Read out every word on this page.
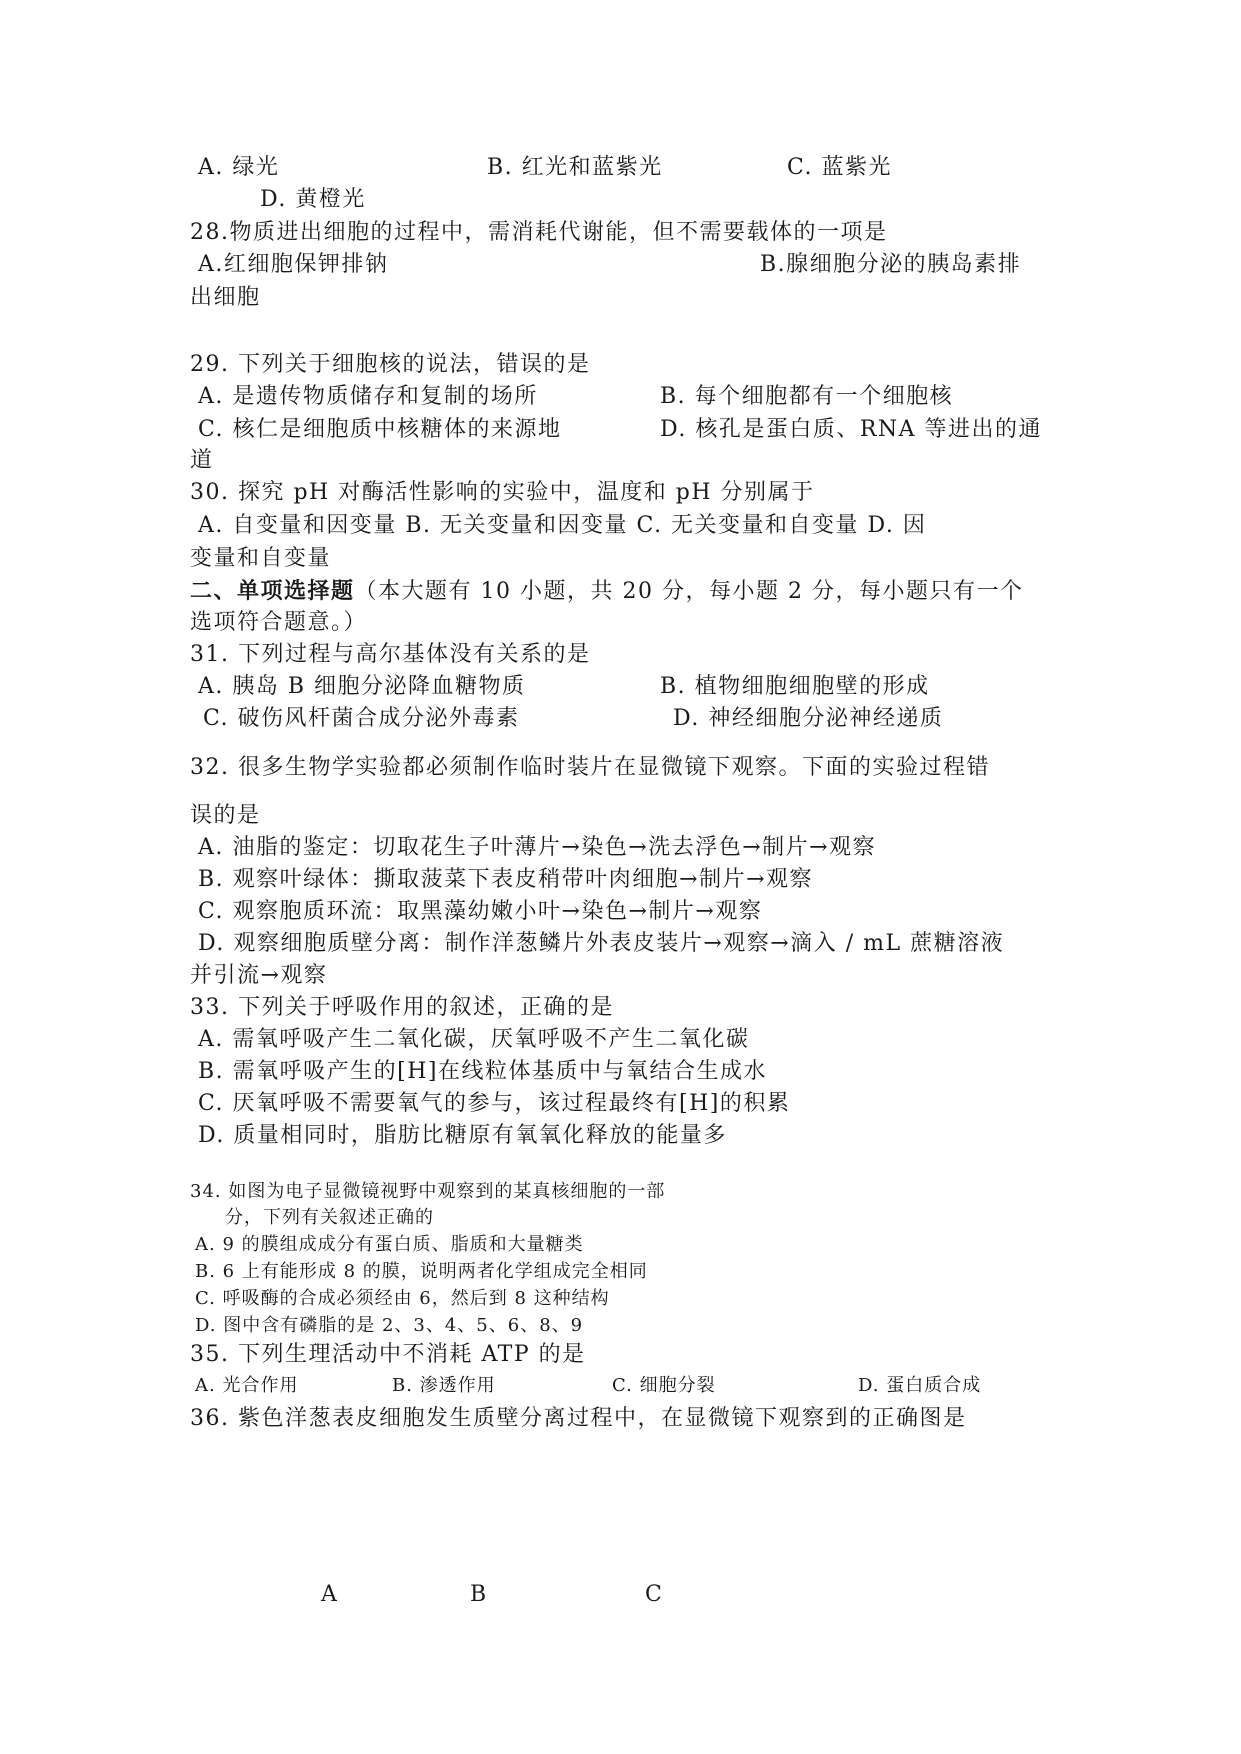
A. 绿光	B. 红光和蓝紫光	C. 蓝紫光
D. 黄橙光
28.物质进出细胞的过程中，需消耗代谢能，但不需要载体的一项是
A.红细胞保钾排钠	B.腺细胞分泌的胰岛素排
出细胞
29. 下列关于细胞核的说法，错误的是
A. 是遗传物质储存和复制的场所	B. 每个细胞都有一个细胞核
C. 核仁是细胞质中核糖体的来源地	D. 核孔是蛋白质、RNA 等进出的通
道
30. 探究 pH 对酶活性影响的实验中，温度和 pH 分别属于
A. 自变量和因变量 B. 无关变量和因变量 C. 无关变量和自变量 D. 因
变量和自变量
二、单项选择题（本大题有 10 小题，共 20 分，每小题 2 分，每小题只有一个
选项符合题意。）
31. 下列过程与高尔基体没有关系的是
A. 胰岛 B 细胞分泌降血糖物质	B. 植物细胞细胞壁的形成
C. 破伤风杆菌合成分泌外毒素	D. 神经细胞分泌神经递质
32. 很多生物学实验都必须制作临时装片在显微镜下观察。下面的实验过程错
误的是
A. 油脂的鉴定：切取花生子叶薄片→染色→洗去浮色→制片→观察
B. 观察叶绿体：撕取菠菜下表皮稍带叶肉细胞→制片→观察
C. 观察胞质环流：取黑藻幼嫩小叶→染色→制片→观察
D. 观察细胞质壁分离：制作洋葱鳞片外表皮装片→观察→滴入 / mL 蔗糖溶液
并引流→观察
33. 下列关于呼吸作用的叙述，正确的是
A. 需氧呼吸产生二氧化碳，厌氧呼吸不产生二氧化碳
B. 需氧呼吸产生的[H]在线粒体基质中与氧结合生成水
C. 厌氧呼吸不需要氧气的参与，该过程最终有[H]的积累
D. 质量相同时，脂肪比糖原有氧氧化释放的能量多
34. 如图为电子显微镜视野中观察到的某真核细胞的一部
分，下列有关叙述正确的
A. 9 的膜组成成分有蛋白质、脂质和大量糖类
B. 6 上有能形成 8 的膜，说明两者化学组成完全相同
C. 呼吸酶的合成必须经由 6，然后到 8 这种结构
D. 图中含有磷脂的是 2、3、4、5、6、8、9
35. 下列生理活动中不消耗 ATP 的是
A. 光合作用	B. 渗透作用	C. 细胞分裂	D. 蛋白质合成
36. 紫色洋葱表皮细胞发生质壁分离过程中，在显微镜下观察到的正确图是
A	B	C
